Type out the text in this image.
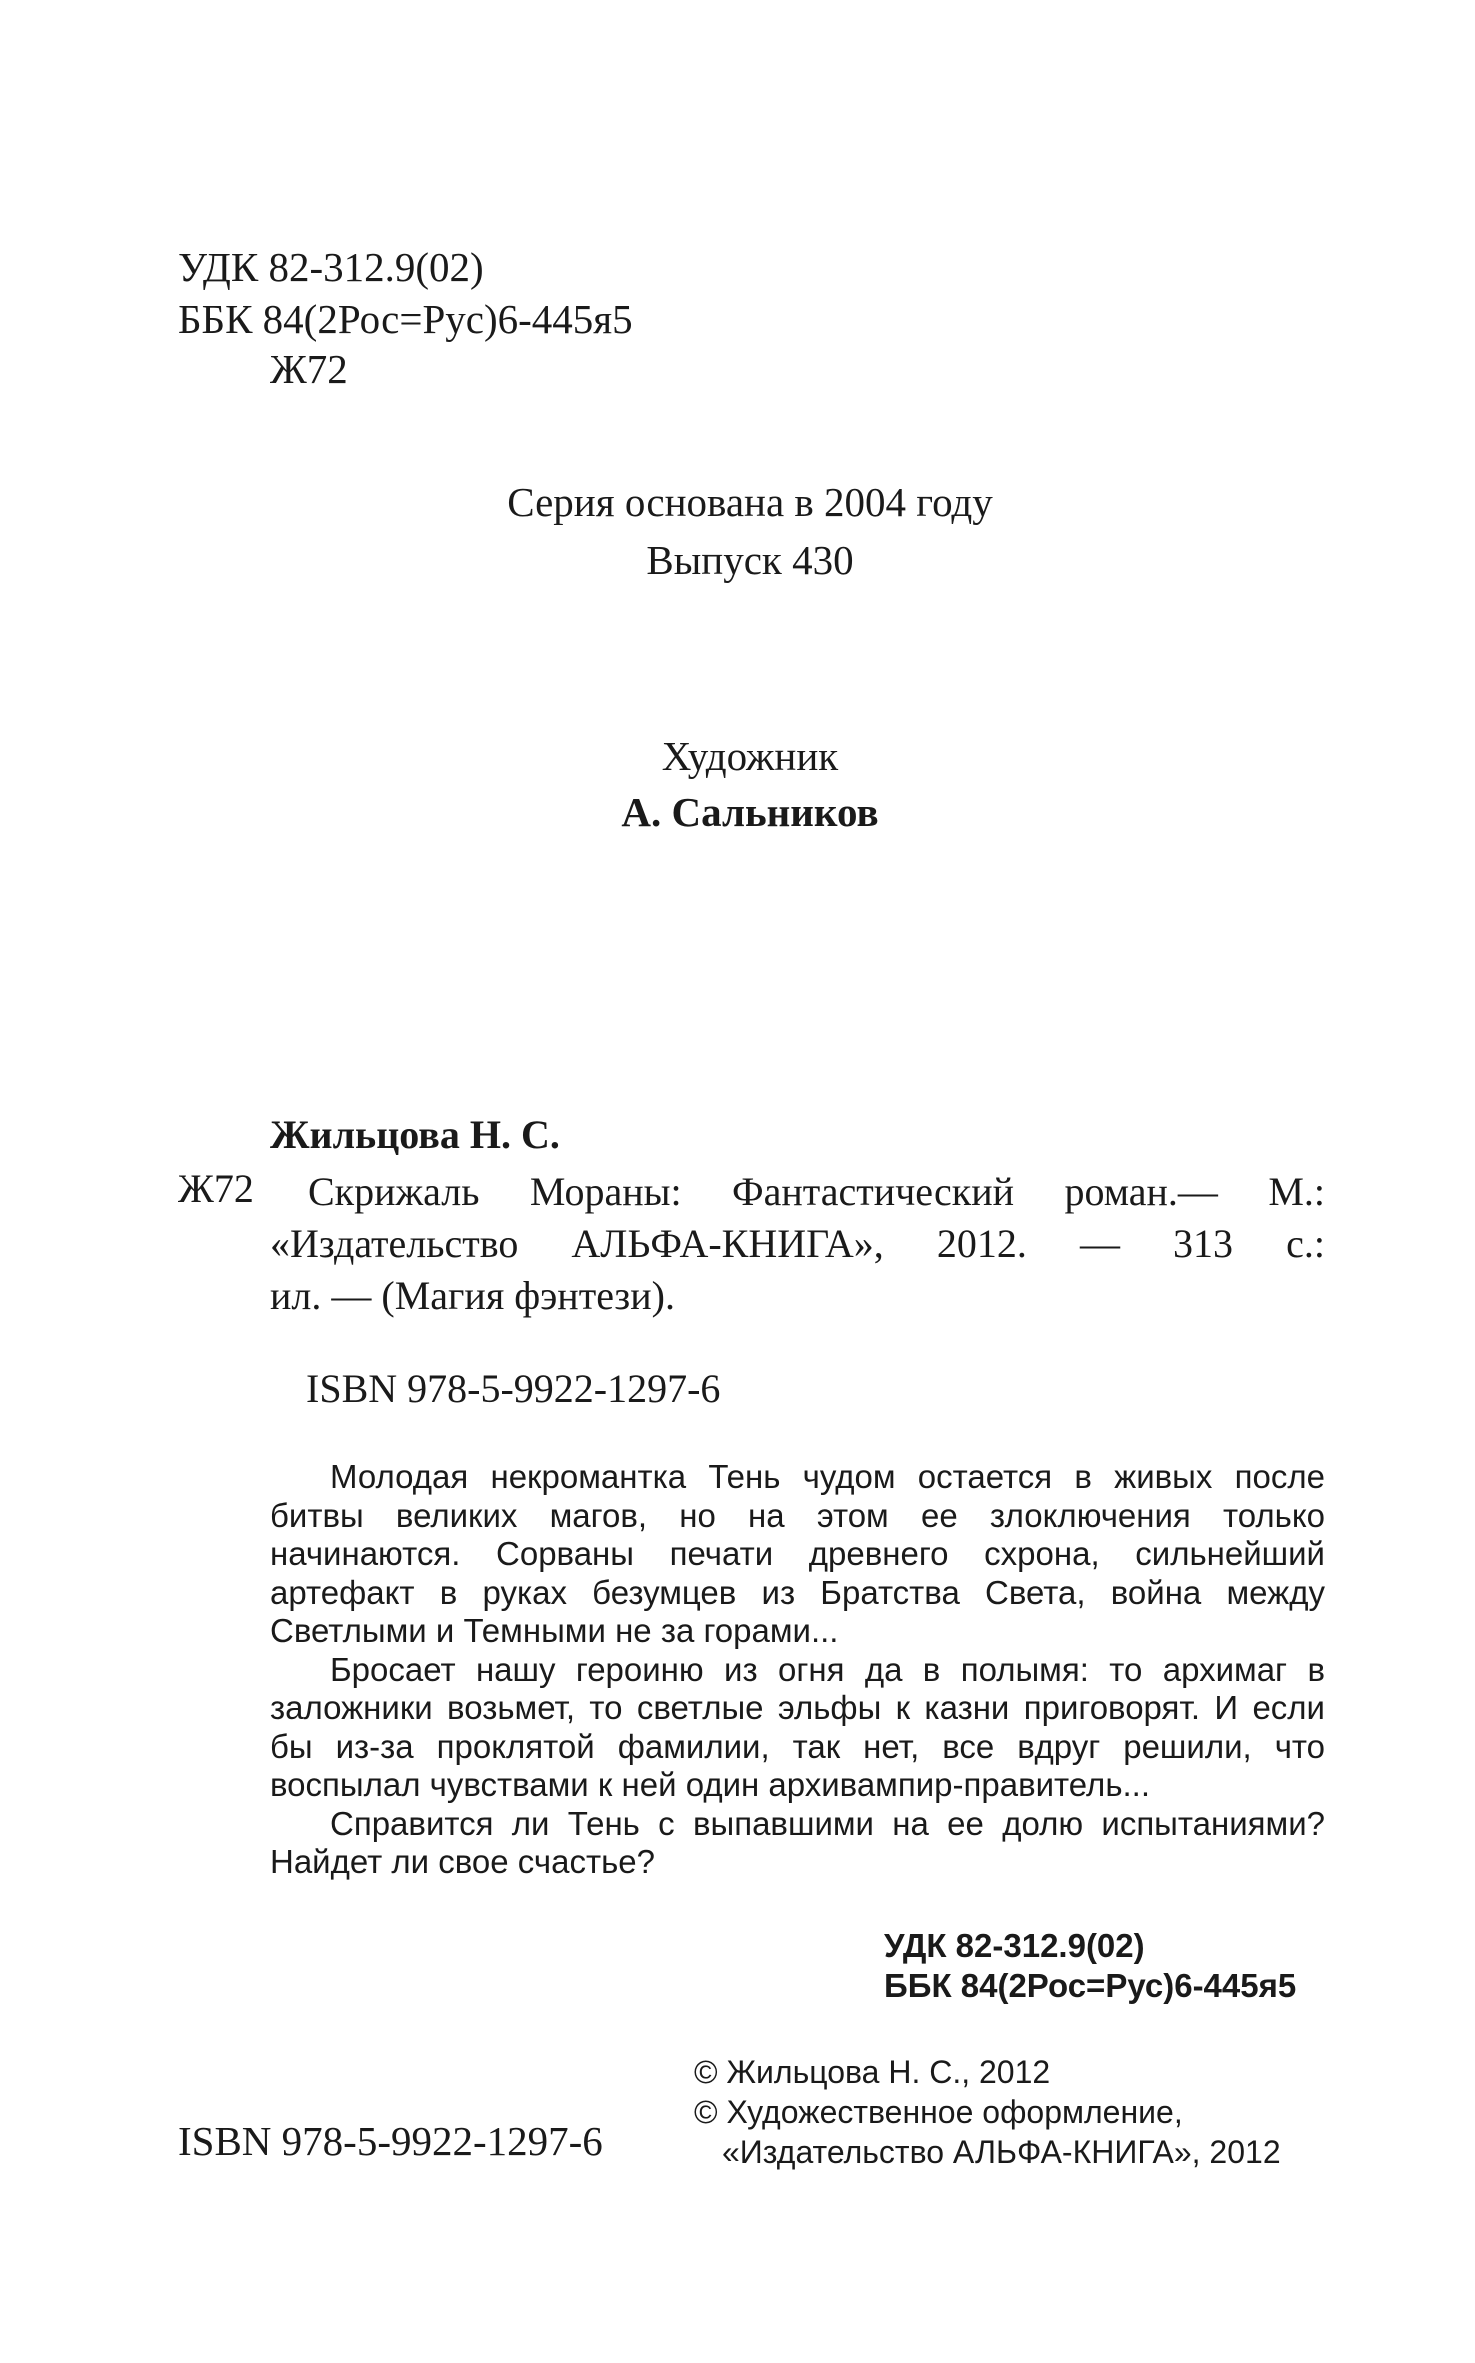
УДК 82-312.9(02)
ББК 84(2Рос=Рус)6-445я5
Ж72
Серия основана в 2004 году
Выпуск 430
Художник
А. Сальников
Жильцова Н. С.
Ж72	Скрижаль Мораны: Фантастический роман.— М.:
«Издательство АЛЬФА-КНИГА», 2012. — 313 с.:
ил. — (Магия фэнтези).
ISBN 978-5-9922-1297-6

Молодая некромантка Тень чудом остается в живых после битвы великих магов, но на этом ее злоключения только начинаются. Сорваны печати древнего схрона, сильнейший артефакт в руках безумцев из Братства Света, война между Светлыми и Темными не за горами...

Бросает нашу героиню из огня да в полымя: то архимаг в заложники возьмет, то светлые эльфы к казни приговорят. И если бы из-за проклятой фамилии, так нет, все вдруг решили, что воспылал чувствами к ней один архивампир-правитель...

Справится ли Тень с выпавшими на ее долю испытаниями? Найдет ли свое счастье?

УДК 82-312.9(02)
ББК 84(2Рос=Рус)6-445я5
ISBN 978-5-9922-1297-6
© Жильцова Н. С., 2012
© Художественное оформление,
«Издательство АЛЬФА-КНИГА», 2012
